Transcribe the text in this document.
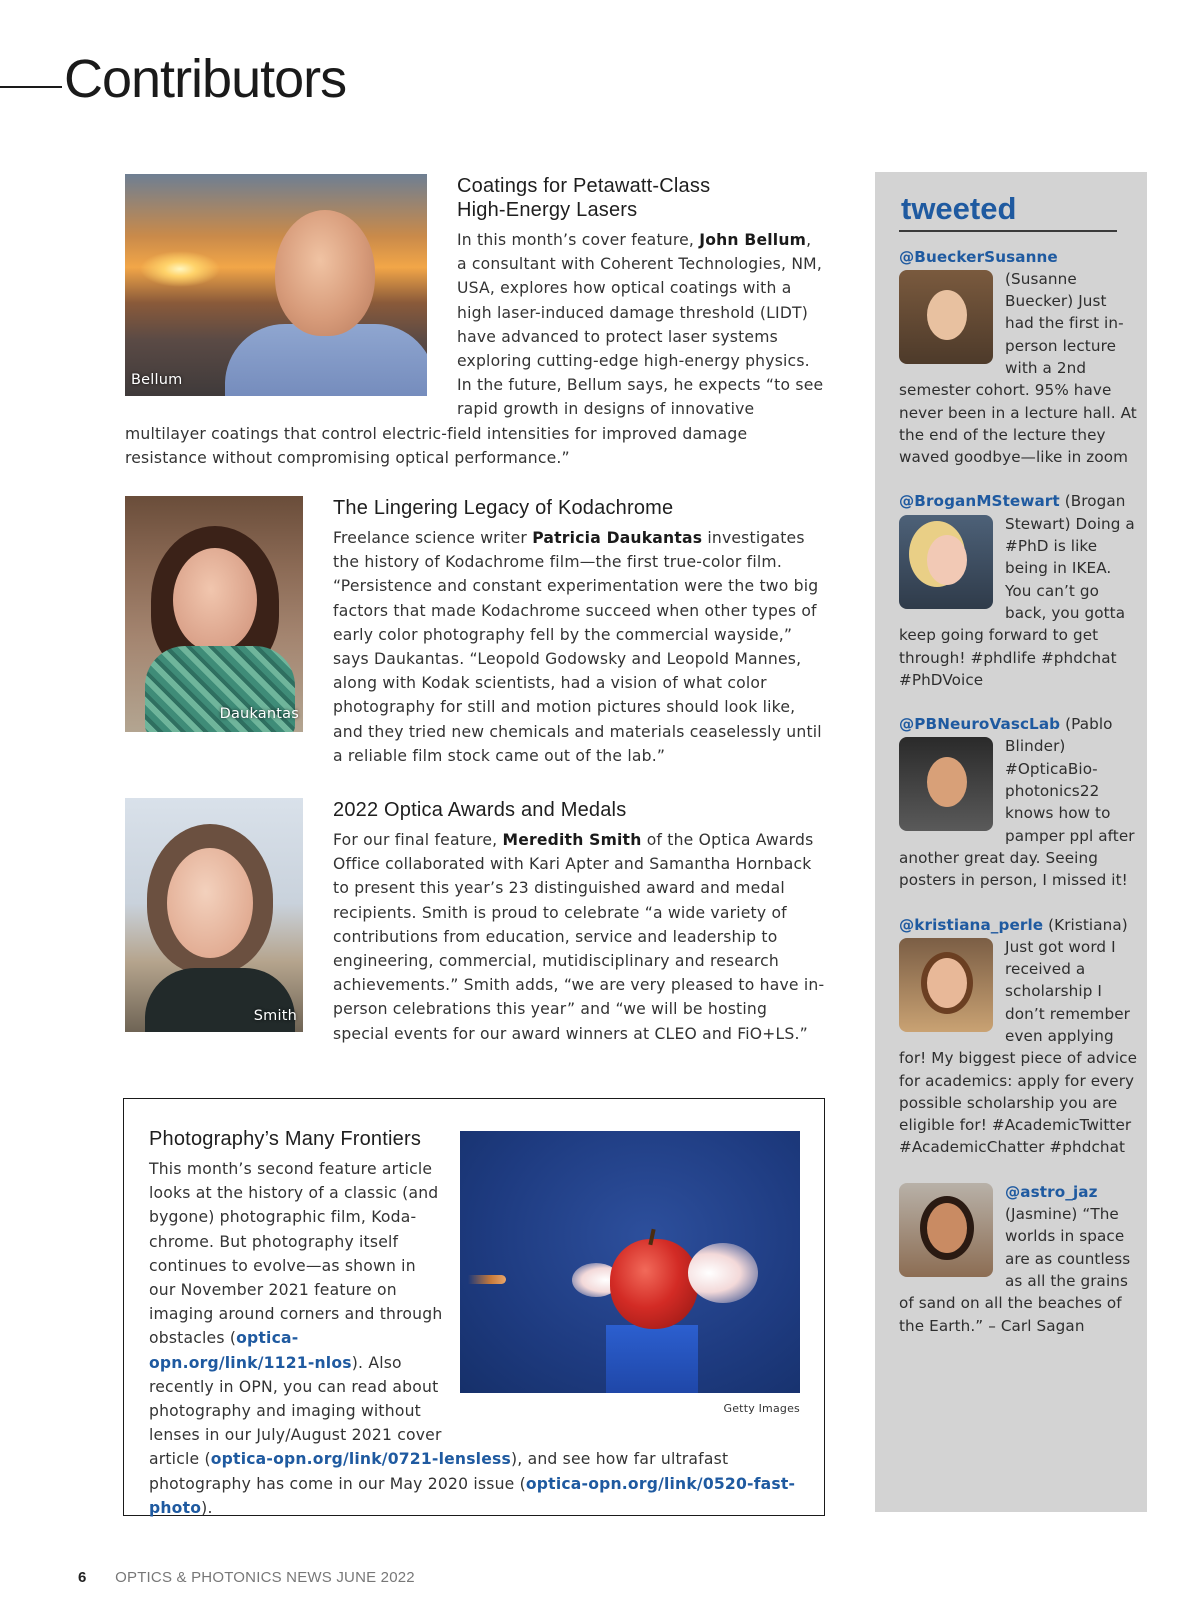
Contributors
Bellum
Coatings for Petawatt-Class
High-Energy Lasers

In this month’s cover feature, John Bellum, a consultant with Coherent Technologies, NM, USA, explores how optical coatings with a high laser-induced damage threshold (LIDT) have advanced to protect laser systems exploring cutting-edge high-energy physics. In the future, Bellum says, he expects “to see rapid growth in designs of innovative multilayer coatings that control electric-field intensities for improved damage resistance without compromising optical performance.”

Daukantas
The Lingering Legacy of Kodachrome

Freelance science writer Patricia Daukantas investigates the history of Kodachrome film—the first true-color film. “Persistence and constant experimentation were the two big factors that made Kodachrome succeed when other types of early color photography fell by the commercial wayside,” says Daukantas. “Leopold Godowsky and Leopold Mannes, along with Kodak scientists, had a vision of what color photography for still and motion pictures should look like, and they tried new chemicals and materials ceaselessly until a reliable film stock came out of the lab.”

Smith
2022 Optica Awards and Medals

For our final feature, Meredith Smith of the Optica Awards Office collaborated with Kari Apter and Samantha Hornback to present this year’s 23 distinguished award and medal recipients. Smith is proud to celebrate “a wide variety of contributions from education, service and leadership to engineering, commercial, mutidisciplinary and research achievements.” Smith adds, “we are very pleased to have in-person celebrations this year” and “we will be hosting special events for our award winners at CLEO and FiO+LS.”

Getty Images
Photography’s Many Frontiers

This month’s second feature article looks at the history of a classic (and bygone) photographic film, Kodachrome. But photography itself continues to evolve—as shown in our November 2021 feature on imaging around corners and through obstacles (optica-opn.org/link/1121-nlos). Also recently in OPN, you can read about photography and imaging without lenses in our July/August 2021 cover article (optica-opn.org/link/0721-lensless), and see how far ultrafast photography has come in our May 2020 issue (optica-opn.org/link/0520-fast-photo).

tweeted
@BueckerSusanne
(Susanne Buecker) Just had the first in-person lecture with a 2nd semester cohort. 95% have never been in a lecture hall. At the end of the lecture they waved goodbye—like in zoom
@BroganMStewart
(Brogan Stewart) Doing a #PhD is like being in IKEA. You can’t go back, you gotta keep going forward to get through! #phdlife #phdchat #PhDVoice
@PBNeuroVascLab
(Pablo Blinder) #OpticaBiophotonics22 knows how to pamper ppl after another great day. Seeing posters in person, I missed it!
@kristiana_perle
(Kristiana) Just got word I received a scholarship I don’t remember even applying for! My biggest piece of advice for academics: apply for every possible scholarship you are eligible for! #AcademicTwitter #AcademicChatter #phdchat
@astro_jaz
(Jasmine) “The worlds in space are as countless as all the grains of sand on all the beaches of the Earth.” – Carl Sagan
6 OPTICS & PHOTONICS NEWS JUNE 2022
